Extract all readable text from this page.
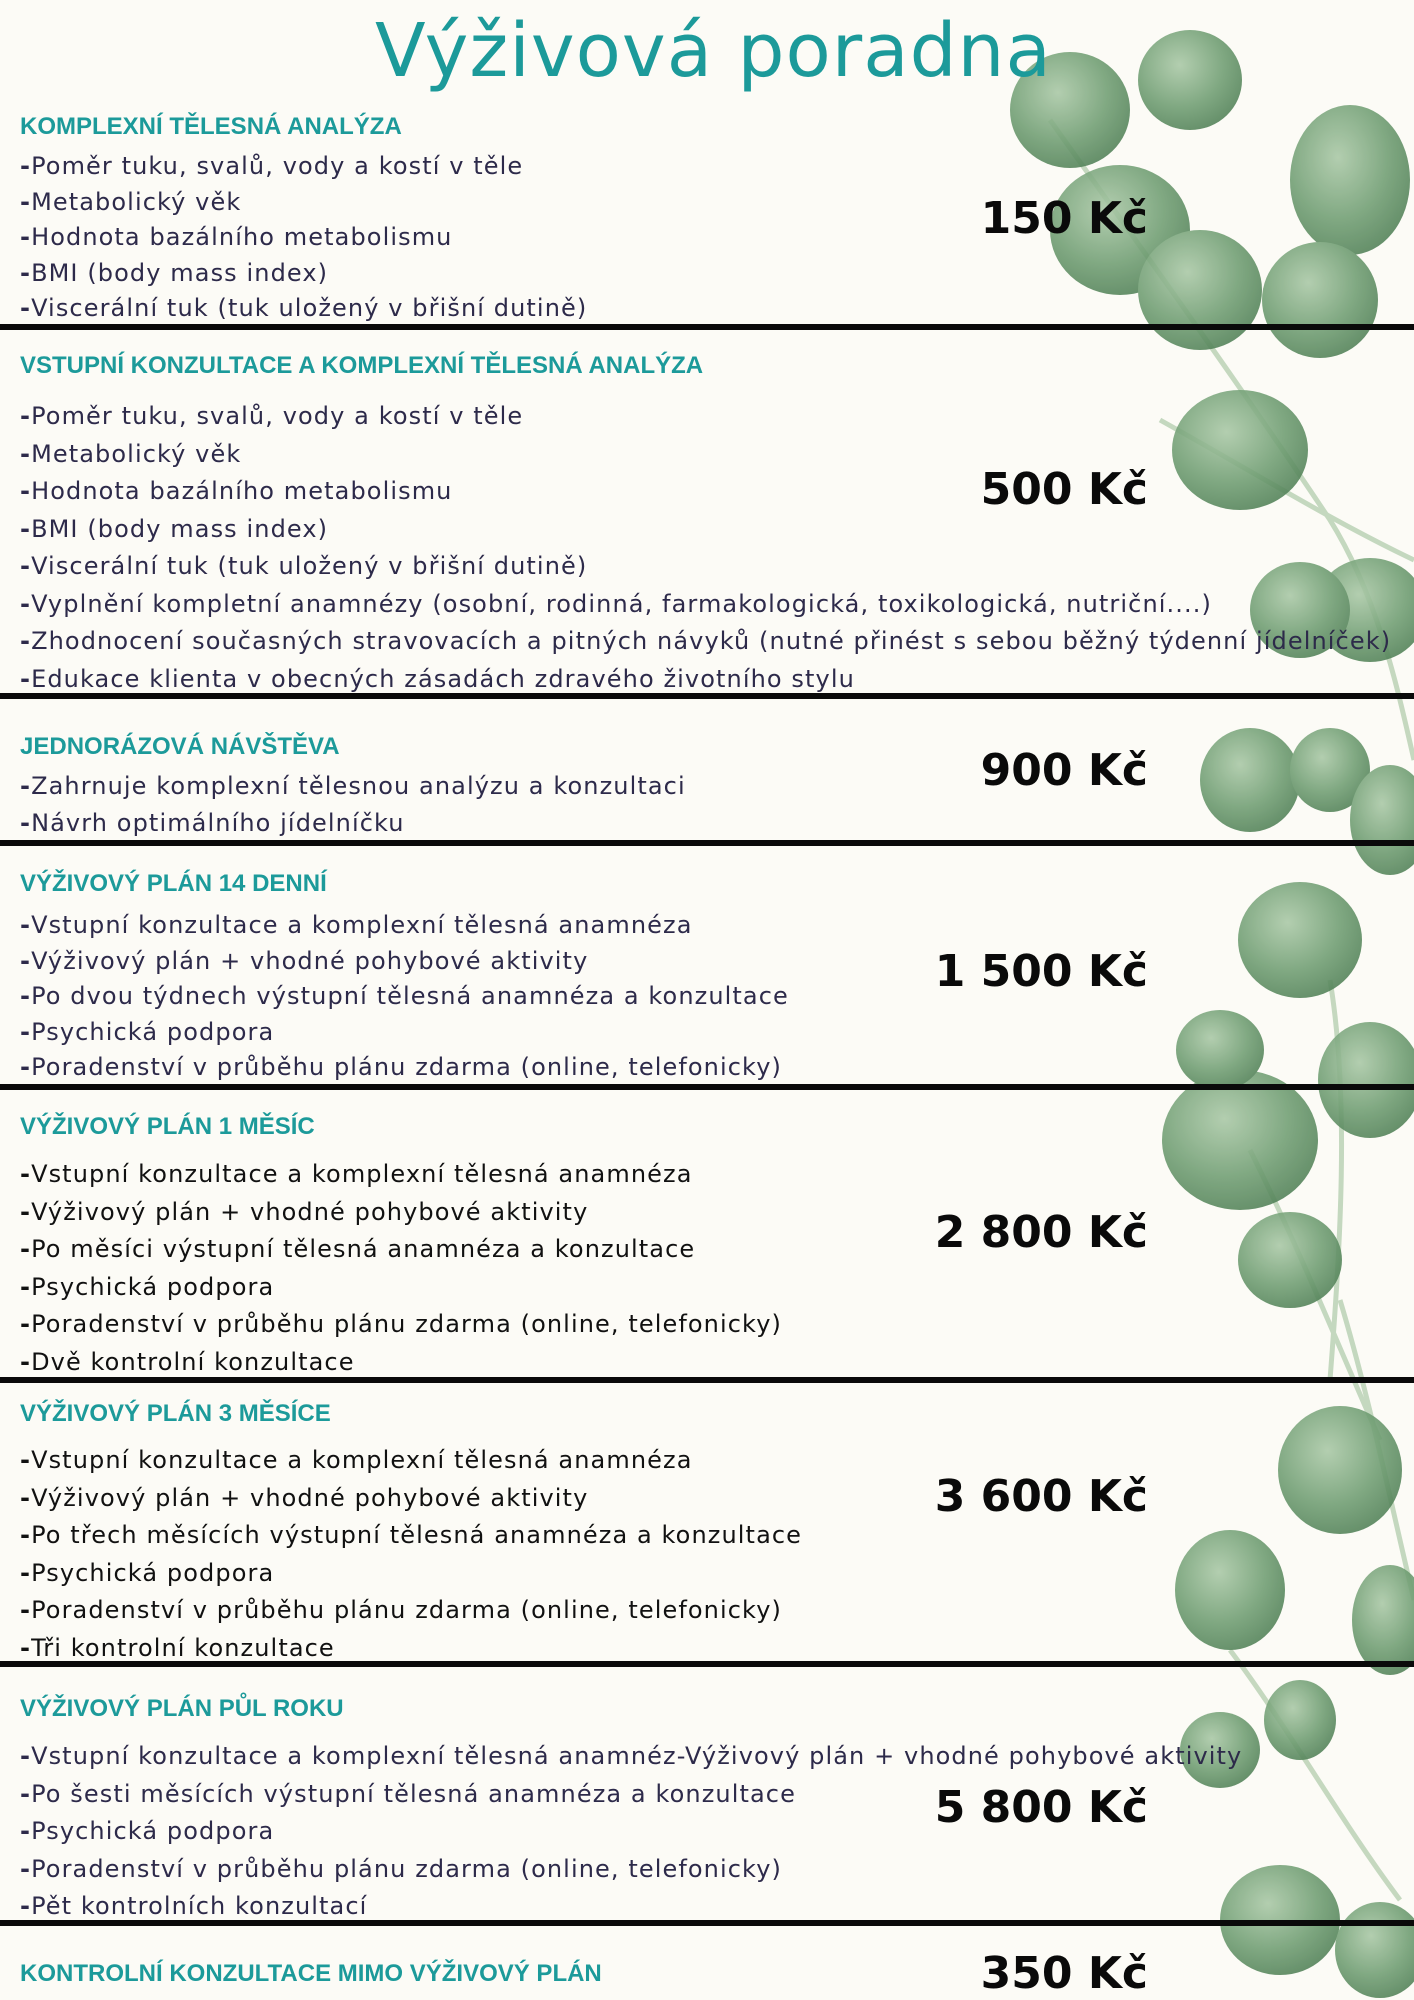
Výživová poradna
KOMPLEXNÍ TĚLESNÁ ANALÝZA
-Poměr tuku, svalů, vody a kostí v těle
-Metabolický věk
-Hodnota bazálního metabolismu
-BMI (body mass index)
-Viscerální tuk (tuk uložený v břišní dutině)
150 Kč
VSTUPNÍ KONZULTACE A KOMPLEXNÍ TĚLESNÁ ANALÝZA
-Poměr tuku, svalů, vody a kostí v těle
-Metabolický věk
-Hodnota bazálního metabolismu
-BMI (body mass index)
-Viscerální tuk (tuk uložený v břišní dutině)
-Vyplnění kompletní anamnézy (osobní, rodinná, farmakologická, toxikologická, nutriční....)
-Zhodnocení současných stravovacích a pitných návyků (nutné přinést s sebou běžný týdenní jídelníček)
-Edukace klienta v obecných zásadách zdravého životního stylu
500 Kč
JEDNORÁZOVÁ NÁVŠTĚVA
-Zahrnuje komplexní tělesnou analýzu a konzultaci
-Návrh optimálního jídelníčku
900 Kč
VÝŽIVOVÝ PLÁN 14 DENNÍ
-Vstupní konzultace a komplexní tělesná anamnéza
-Výživový plán + vhodné pohybové aktivity
-Po dvou týdnech výstupní tělesná anamnéza a konzultace
-Psychická podpora
-Poradenství v průběhu plánu zdarma (online, telefonicky)
1 500 Kč
VÝŽIVOVÝ PLÁN 1 MĚSÍC
-Vstupní konzultace a komplexní tělesná anamnéza
-Výživový plán + vhodné pohybové aktivity
-Po měsíci výstupní tělesná anamnéza a konzultace
-Psychická podpora
-Poradenství v průběhu plánu zdarma (online, telefonicky)
-Dvě kontrolní konzultace
2 800 Kč
VÝŽIVOVÝ PLÁN 3 MĚSÍCE
-Vstupní konzultace a komplexní tělesná anamnéza
-Výživový plán + vhodné pohybové aktivity
-Po třech měsících výstupní tělesná anamnéza a konzultace
-Psychická podpora
-Poradenství v průběhu plánu zdarma (online, telefonicky)
-Tři kontrolní konzultace
3 600 Kč
VÝŽIVOVÝ PLÁN PŮL ROKU
-Vstupní konzultace a komplexní tělesná anamnéz-Výživový plán + vhodné pohybové aktivity
-Po šesti měsících výstupní tělesná anamnéza a konzultace
-Psychická podpora
-Poradenství v průběhu plánu zdarma (online, telefonicky)
-Pět kontrolních konzultací
5 800 Kč
KONTROLNÍ KONZULTACE MIMO VÝŽIVOVÝ PLÁN	350 Kč
